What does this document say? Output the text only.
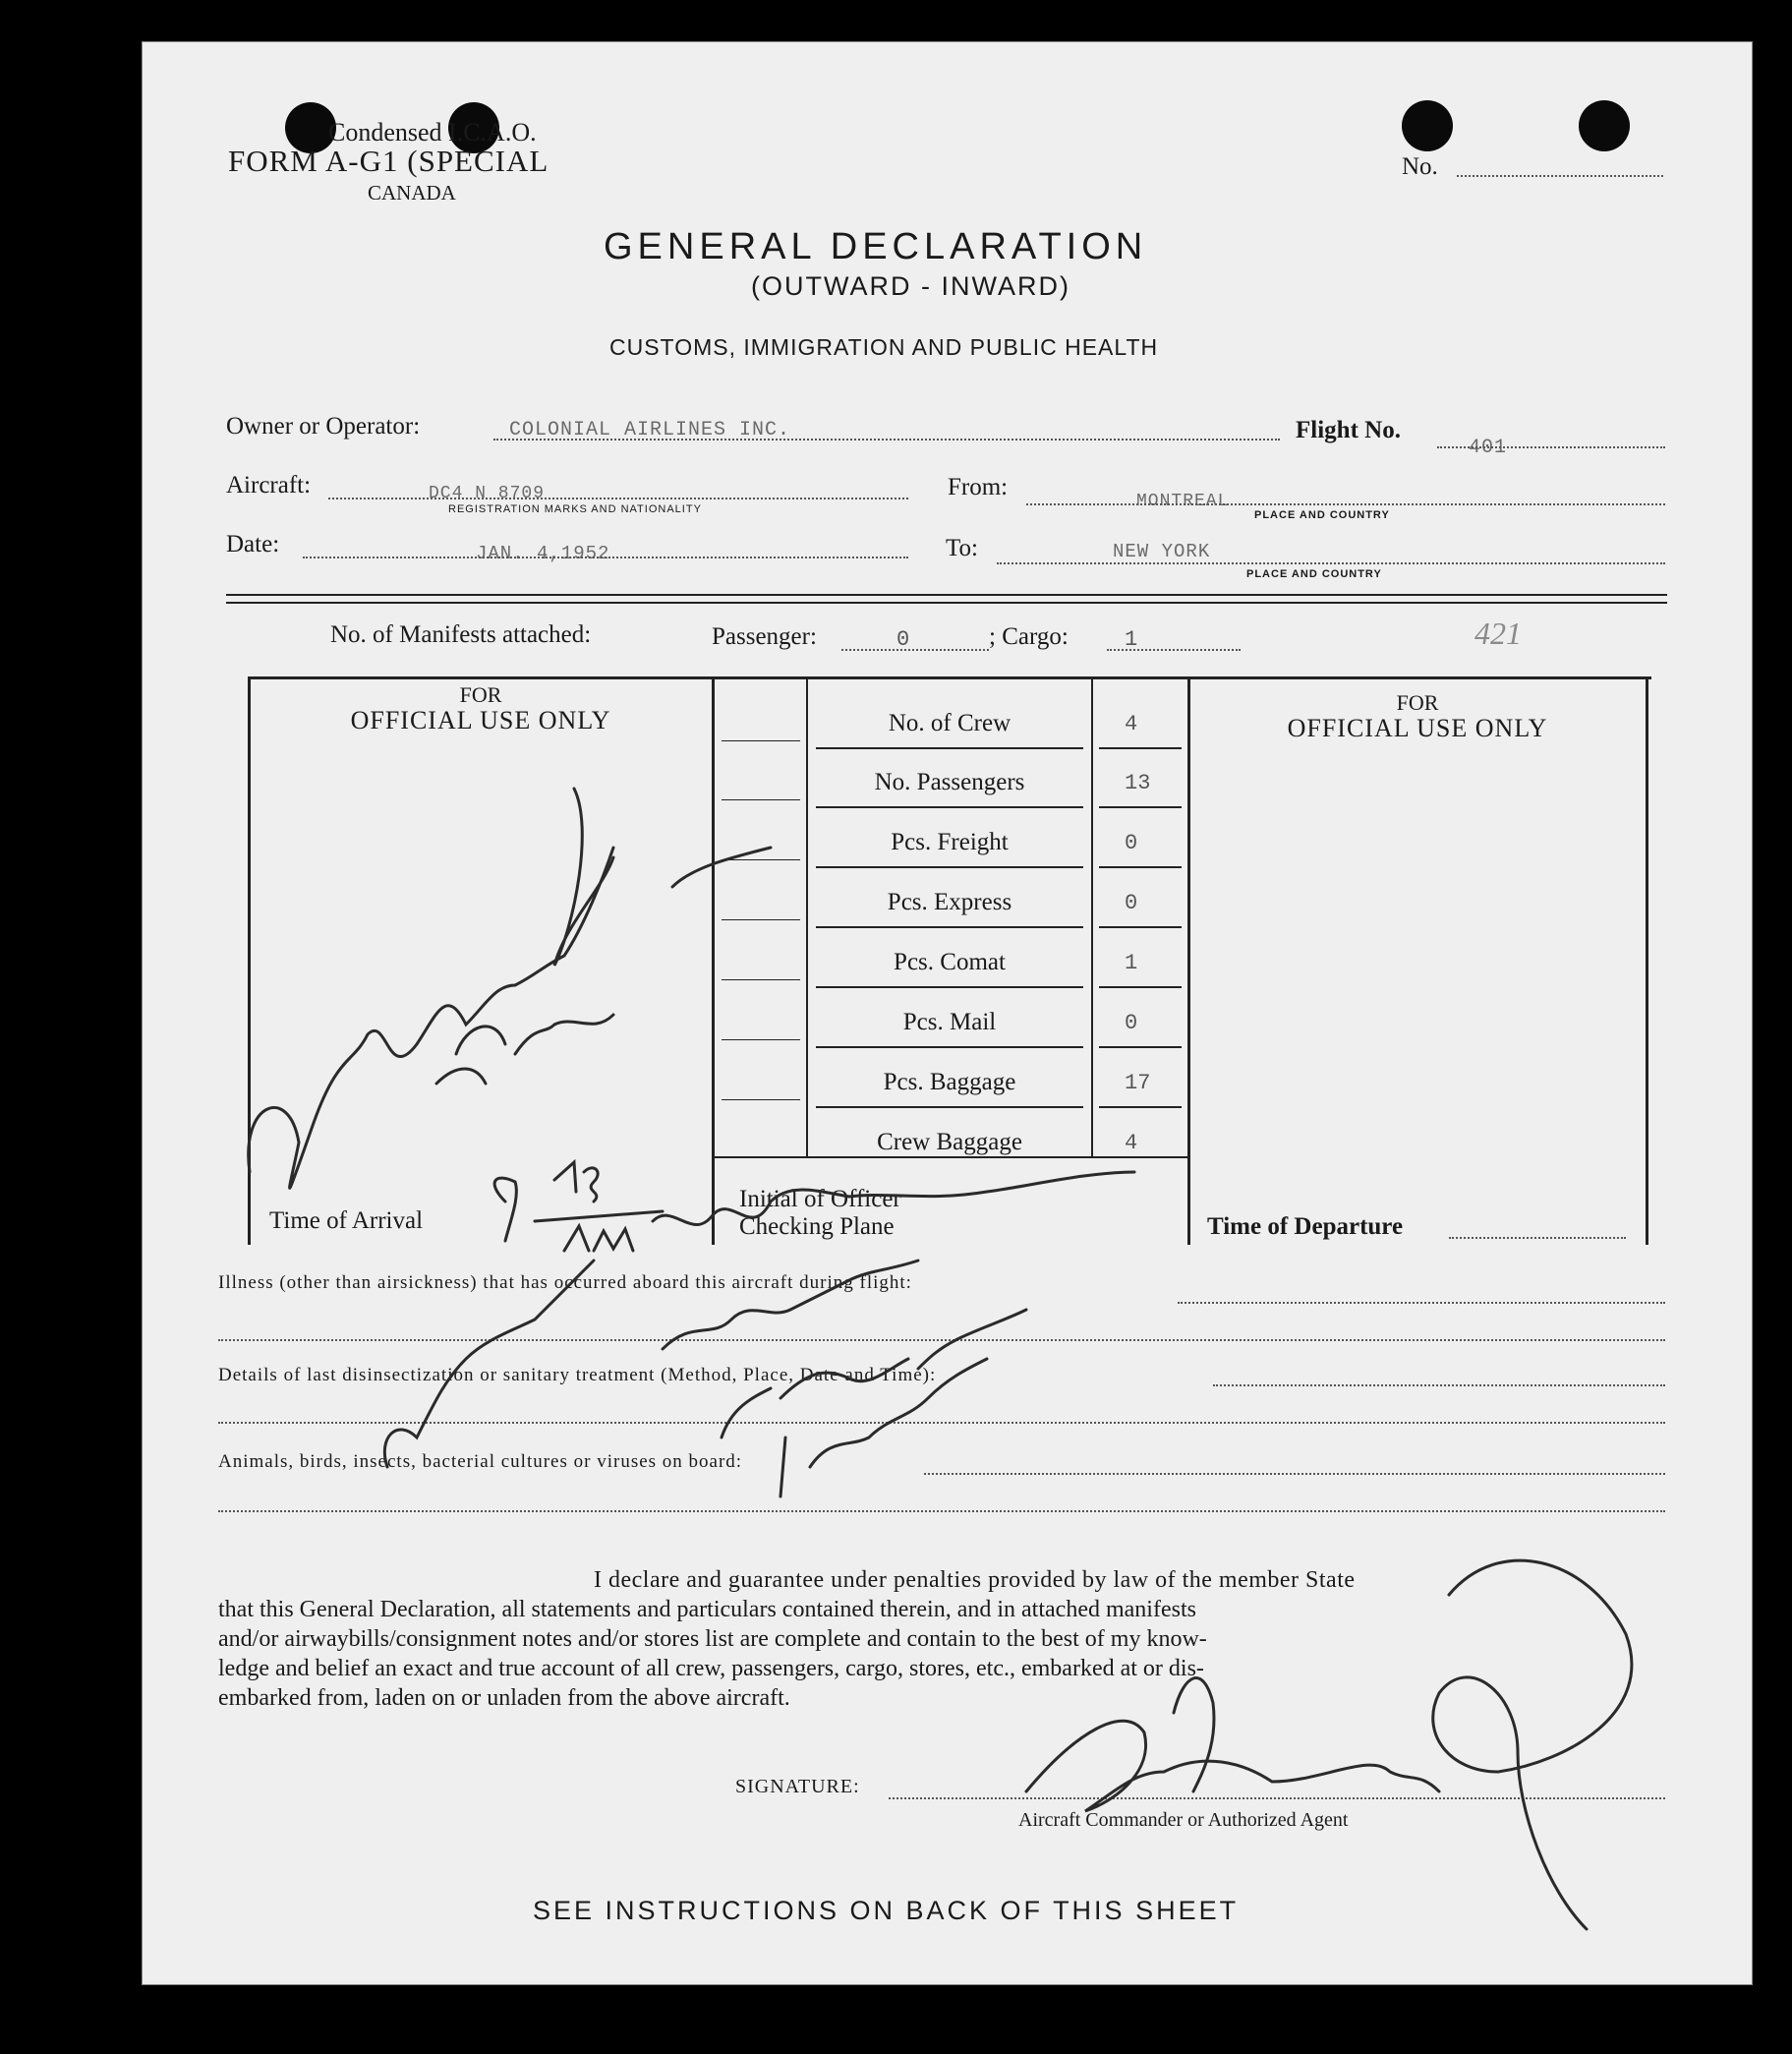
Condensed I.C.A.O.
FORM A-G1 (SPECIAL
CANADA
No.
GENERAL DECLARATION
(OUTWARD - INWARD)
CUSTOMS, IMMIGRATION AND PUBLIC HEALTH
Owner or Operator:	COLONIAL AIRLINES INC.	Flight No.
401
Aircraft:	DC4 N 8709
REGISTRATION MARKS AND NATIONALITY
From:
MONTREAL
PLACE AND COUNTRY
Date:	JAN. 4,1952	To:	NEW YORK
PLACE AND COUNTRY
No. of Manifests attached:	Passenger:	0	; Cargo:	1	421
FOR
OFFICIAL USE ONLY
FOR
OFFICIAL USE ONLY
Time of Arrival
Initial of Officer
Checking Plane	Time of Departure
Illness (other than airsickness) that has occurred aboard this aircraft during flight:
Details of last disinsectization or sanitary treatment (Method, Place, Date and Time):
Animals, birds, insects, bacterial cultures or viruses on board:
I declare and guarantee under penalties provided by law of the member State
that this General Declaration, all statements and particulars contained therein, and in attached manifests
and/or airwaybills/consignment notes and/or stores list are complete and contain to the best of my know-
ledge and belief an exact and true account of all crew, passengers, cargo, stores, etc., embarked at or dis-
embarked from, laden on or unladen from the above aircraft.
SIGNATURE:
Aircraft Commander or Authorized Agent
SEE INSTRUCTIONS ON BACK OF THIS SHEET
No. of Crew	4
No. Passengers	13
Pcs. Freight	0
Pcs. Express	0
Pcs. Comat	1
Pcs. Mail	0
Pcs. Baggage	17
Crew Baggage	4
